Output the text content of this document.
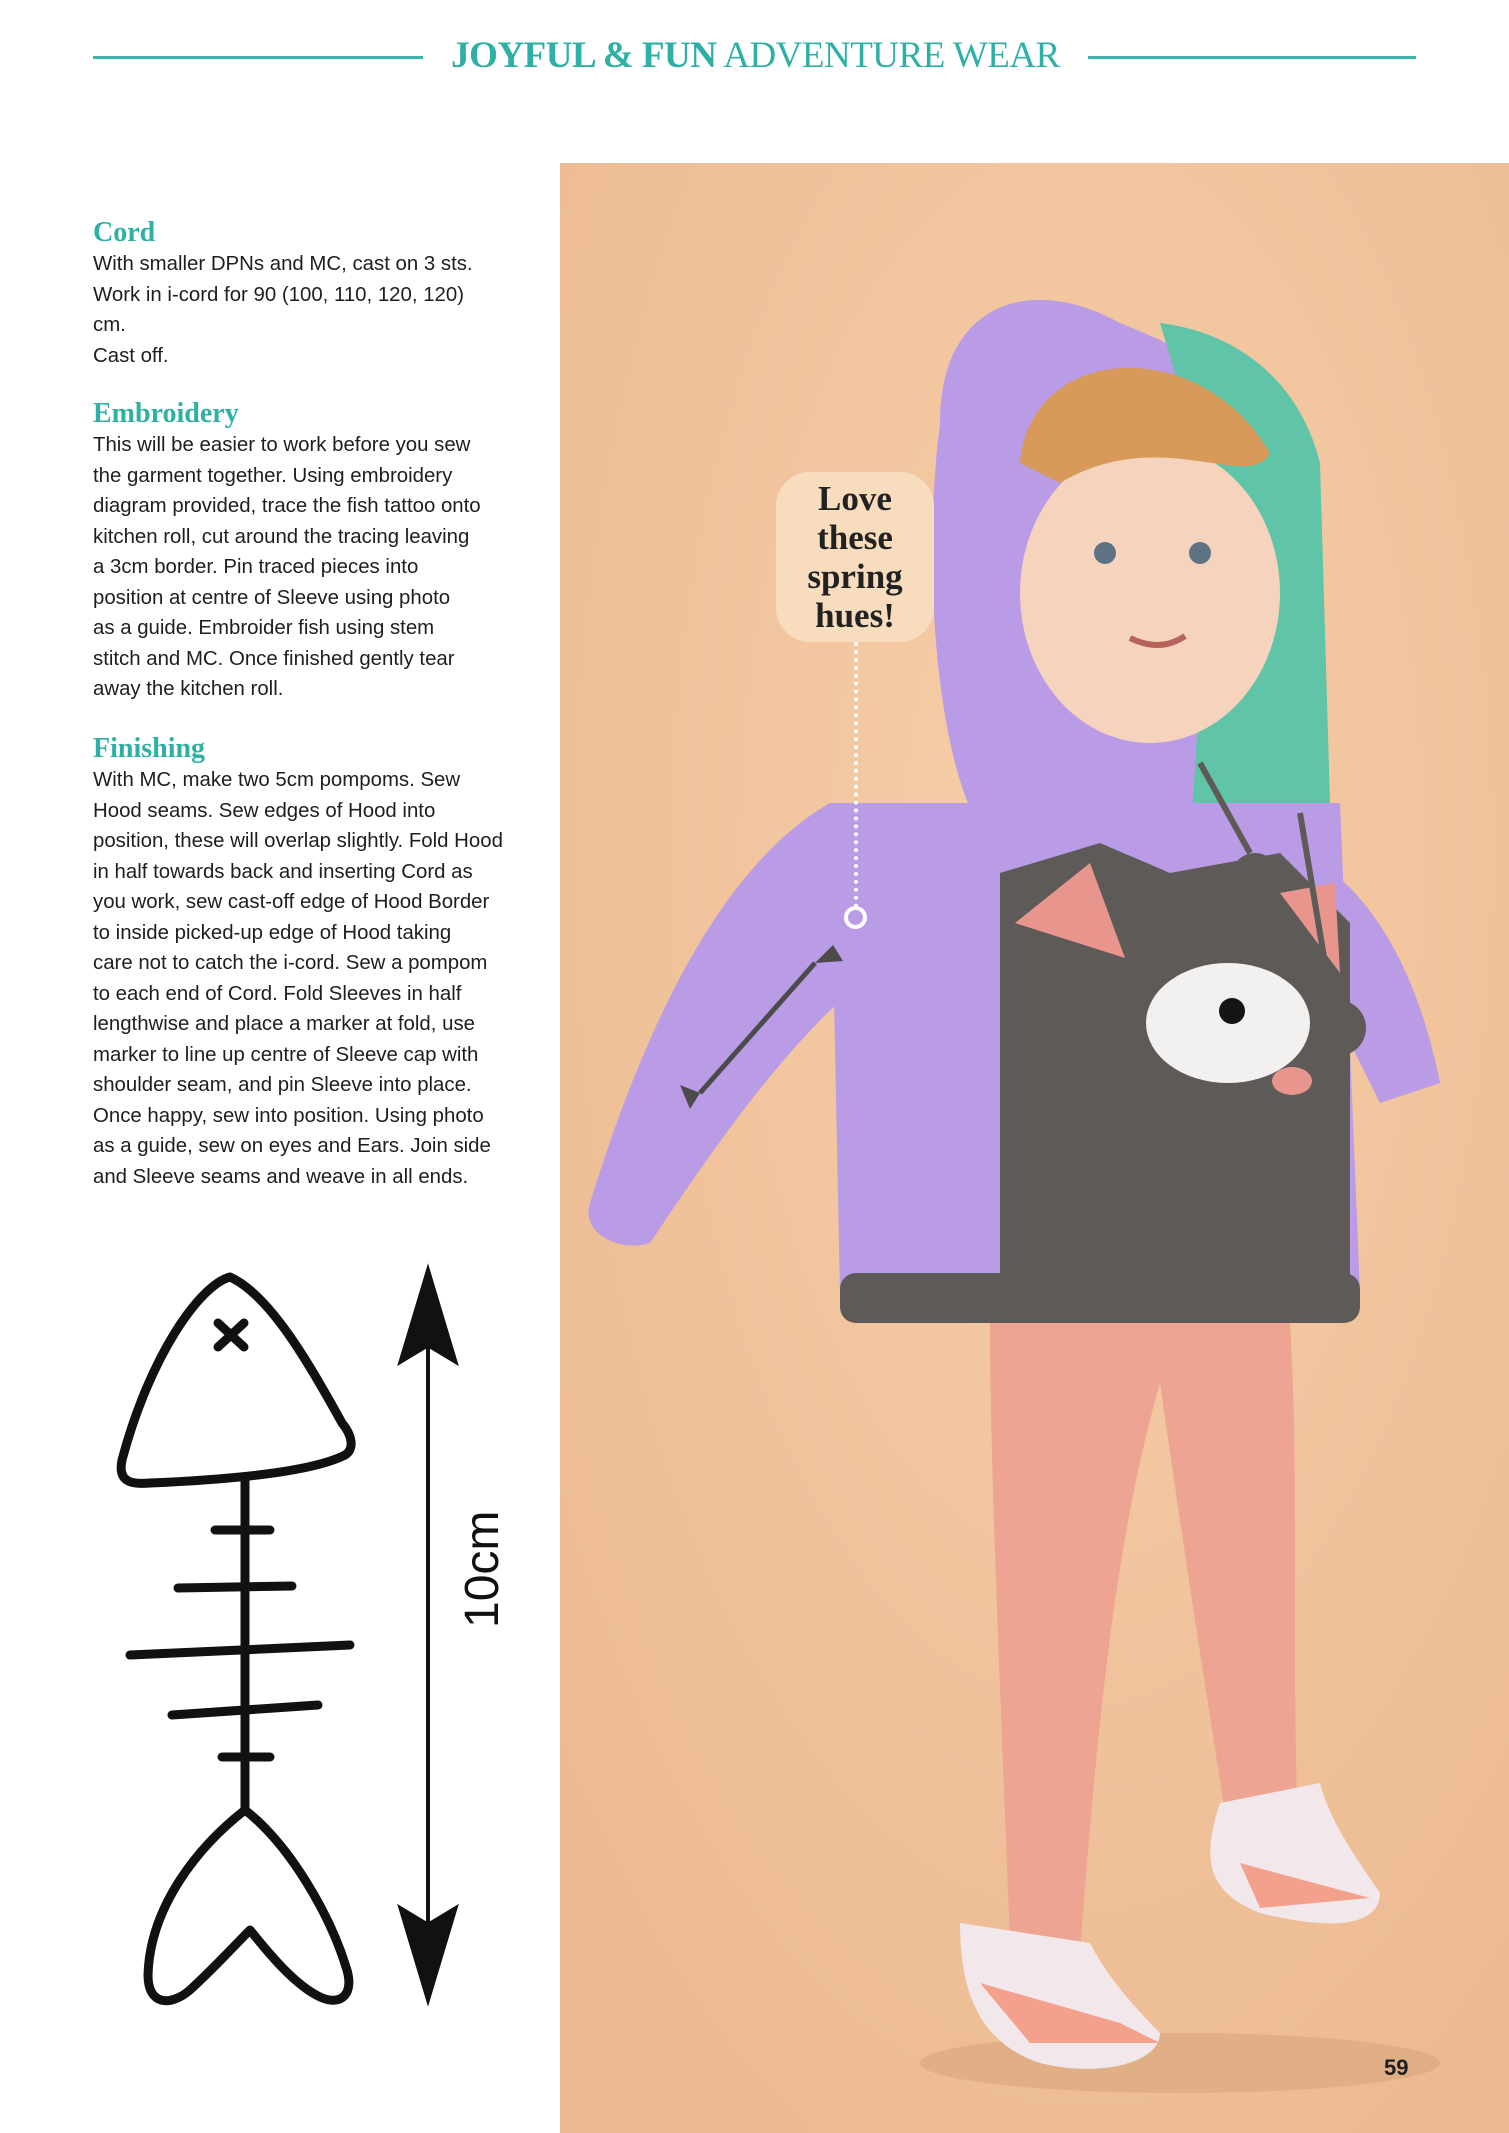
JOYFUL & FUN ADVENTURE WEAR
Cord
With smaller DPNs and MC, cast on 3 sts.
Work in i-cord for 90 (100, 110, 120, 120)
cm.
Cast off.
Embroidery
This will be easier to work before you sew
the garment together. Using embroidery
diagram provided, trace the fish tattoo onto
kitchen roll, cut around the tracing leaving
a 3cm border. Pin traced pieces into
position at centre of Sleeve using photo
as a guide. Embroider fish using stem
stitch and MC. Once finished gently tear
away the kitchen roll.
Finishing
With MC, make two 5cm pompoms. Sew
Hood seams. Sew edges of Hood into
position, these will overlap slightly. Fold Hood
in half towards back and inserting Cord as
you work, sew cast-off edge of Hood Border
to inside picked-up edge of Hood taking
care not to catch the i-cord. Sew a pompom
to each end of Cord. Fold Sleeves in half
lengthwise and place a marker at fold, use
marker to line up centre of Sleeve cap with
shoulder seam, and pin Sleeve into place.
Once happy, sew into position. Using photo
as a guide, sew on eyes and Ears. Join side
and Sleeve seams and weave in all ends.
10cm
Love
these
spring
hues!
59
